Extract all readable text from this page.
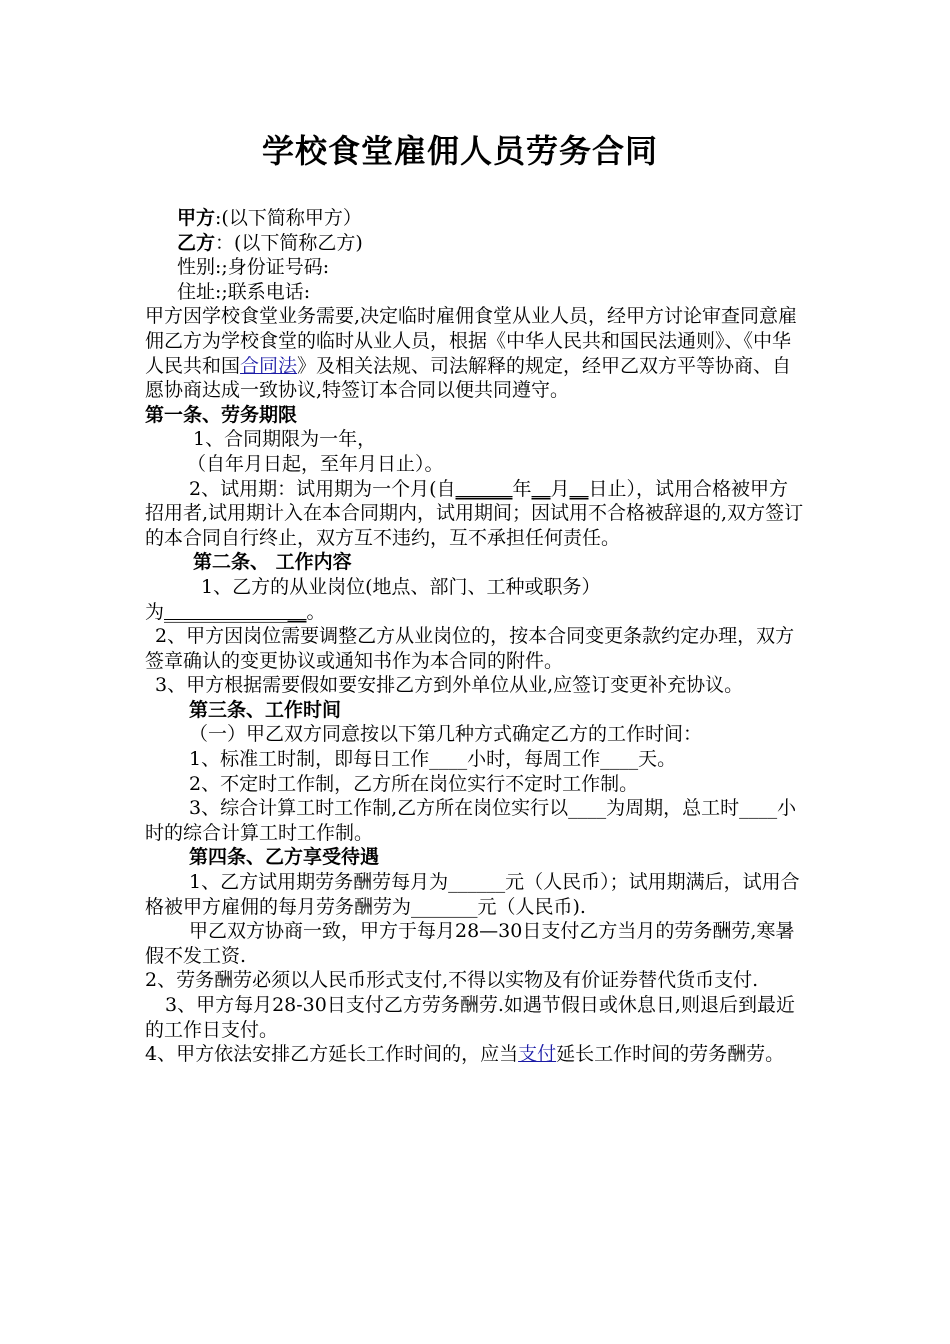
学校食堂雇佣人员劳务合同

甲方:(以下简称甲方）

乙方：(以下简称乙方)

性别:;身份证号码:

住址:;联系电话:

甲方因学校食堂业务需要,决定临时雇佣食堂从业人员，经甲方讨论审查同意雇佣乙方为学校食堂的临时从业人员，根据《中华人民共和国民法通则》、《中华人民共和国合同法》及相关法规、司法解释的规定，经甲乙双方平等协商、自愿协商达成一致协议,特签订本合同以便共同遵守。

第一条、劳务期限

1、合同期限为一年，

（自年月日起，至年月日止）。

2、试用期：试用期为一个月(自______年__月__日止），试用合格被甲方招用者,试用期计入在本合同期内，试用期间；因试用不合格被辞退的,双方签订的本合同自行终止，双方互不违约，互不承担任何责任。

第二条、 工作内容

1、乙方的从业岗位(地点、部门、工种或职务）

为_______________。

2、甲方因岗位需要调整乙方从业岗位的，按本合同变更条款约定办理，双方签章确认的变更协议或通知书作为本合同的附件。

3、甲方根据需要假如要安排乙方到外单位从业,应签订变更补充协议。

第三条、工作时间

（一）甲乙双方同意按以下第几种方式确定乙方的工作时间：

1、标准工时制，即每日工作____小时，每周工作____天。

2、不定时工作制，乙方所在岗位实行不定时工作制。

3、综合计算工时工作制,乙方所在岗位实行以____为周期，总工时____小时的综合计算工时工作制。

第四条、乙方享受待遇

1、乙方试用期劳务酬劳每月为______元（人民币）；试用期满后，试用合格被甲方雇佣的每月劳务酬劳为_______元（人民币).

甲乙双方协商一致，甲方于每月28—30日支付乙方当月的劳务酬劳,寒暑假不发工资.

2、劳务酬劳必须以人民币形式支付,不得以实物及有价证券替代货币支付.

3、甲方每月28-30日支付乙方劳务酬劳.如遇节假日或休息日,则退后到最近的工作日支付。

4、甲方依法安排乙方延长工作时间的，应当支付延长工作时间的劳务酬劳。
